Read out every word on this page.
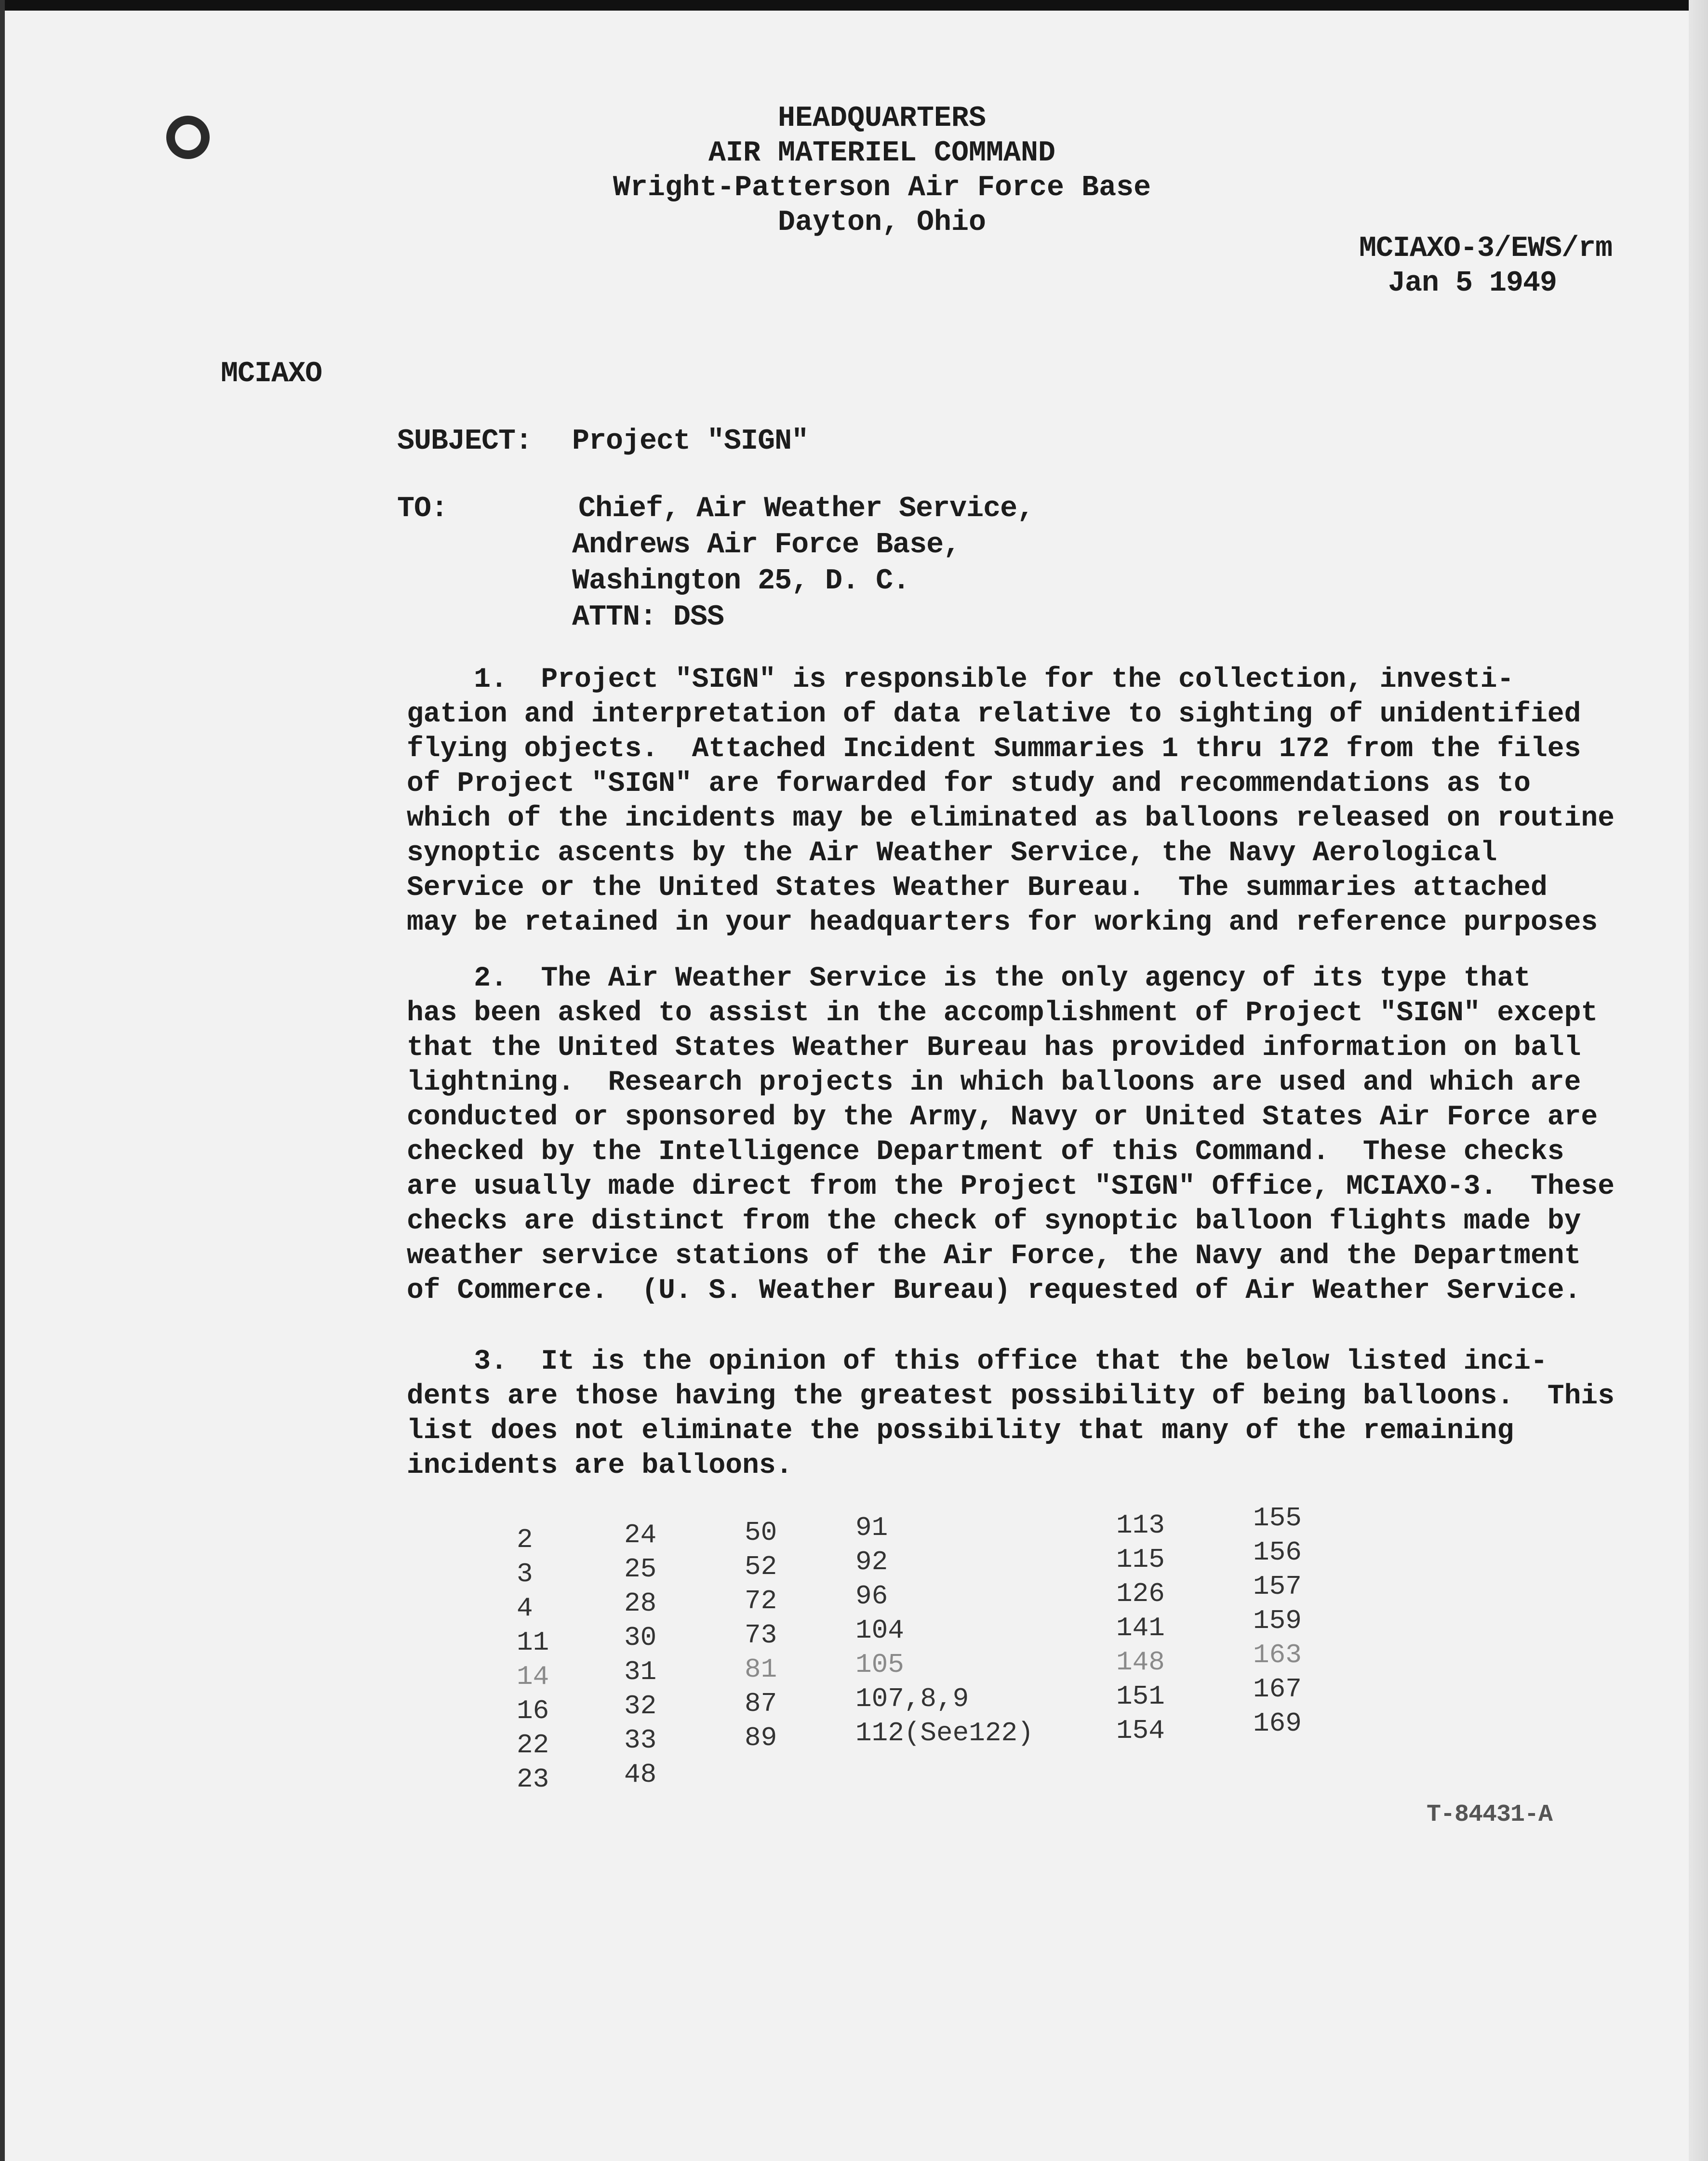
HEADQUARTERS
AIR MATERIEL COMMAND
Wright-Patterson Air Force Base
Dayton, Ohio
MCIAXO-3/EWS/rm
Jan 5 1949
MCIAXO
SUBJECT: Project "SIGN"
TO:	Chief, Air Weather Service,
Andrews Air Force Base,
Washington 25, D. C.
ATTN: DSS
1.  Project "SIGN" is responsible for the collection, investi-
gation and interpretation of data relative to sighting of unidentified
flying objects.  Attached Incident Summaries 1 thru 172 from the files
of Project "SIGN" are forwarded for study and recommendations as to
which of the incidents may be eliminated as balloons released on routine
synoptic ascents by the Air Weather Service, the Navy Aerological
Service or the United States Weather Bureau.  The summaries attached
may be retained in your headquarters for working and reference purposes
2.  The Air Weather Service is the only agency of its type that
has been asked to assist in the accomplishment of Project "SIGN" except
that the United States Weather Bureau has provided information on ball
lightning.  Research projects in which balloons are used and which are
conducted or sponsored by the Army, Navy or United States Air Force are
checked by the Intelligence Department of this Command.  These checks
are usually made direct from the Project "SIGN" Office, MCIAXO-3.  These
checks are distinct from the check of synoptic balloon flights made by
weather service stations of the Air Force, the Navy and the Department
of Commerce.  (U. S. Weather Bureau) requested of Air Weather Service.
3.  It is the opinion of this office that the below listed inci-
dents are those having the greatest possibility of being balloons.  This
list does not eliminate the possibility that many of the remaining
incidents are balloons.
2
3
4
11
14
16
22
23
24
25
28
30
31
32
33
48
50
52
72
73
81
87
89
91
92
96
104
105
107,8,9
112(See122)
113
115
126
141
148
151
154
155
156
157
159
163
167
169
T-84431-A
